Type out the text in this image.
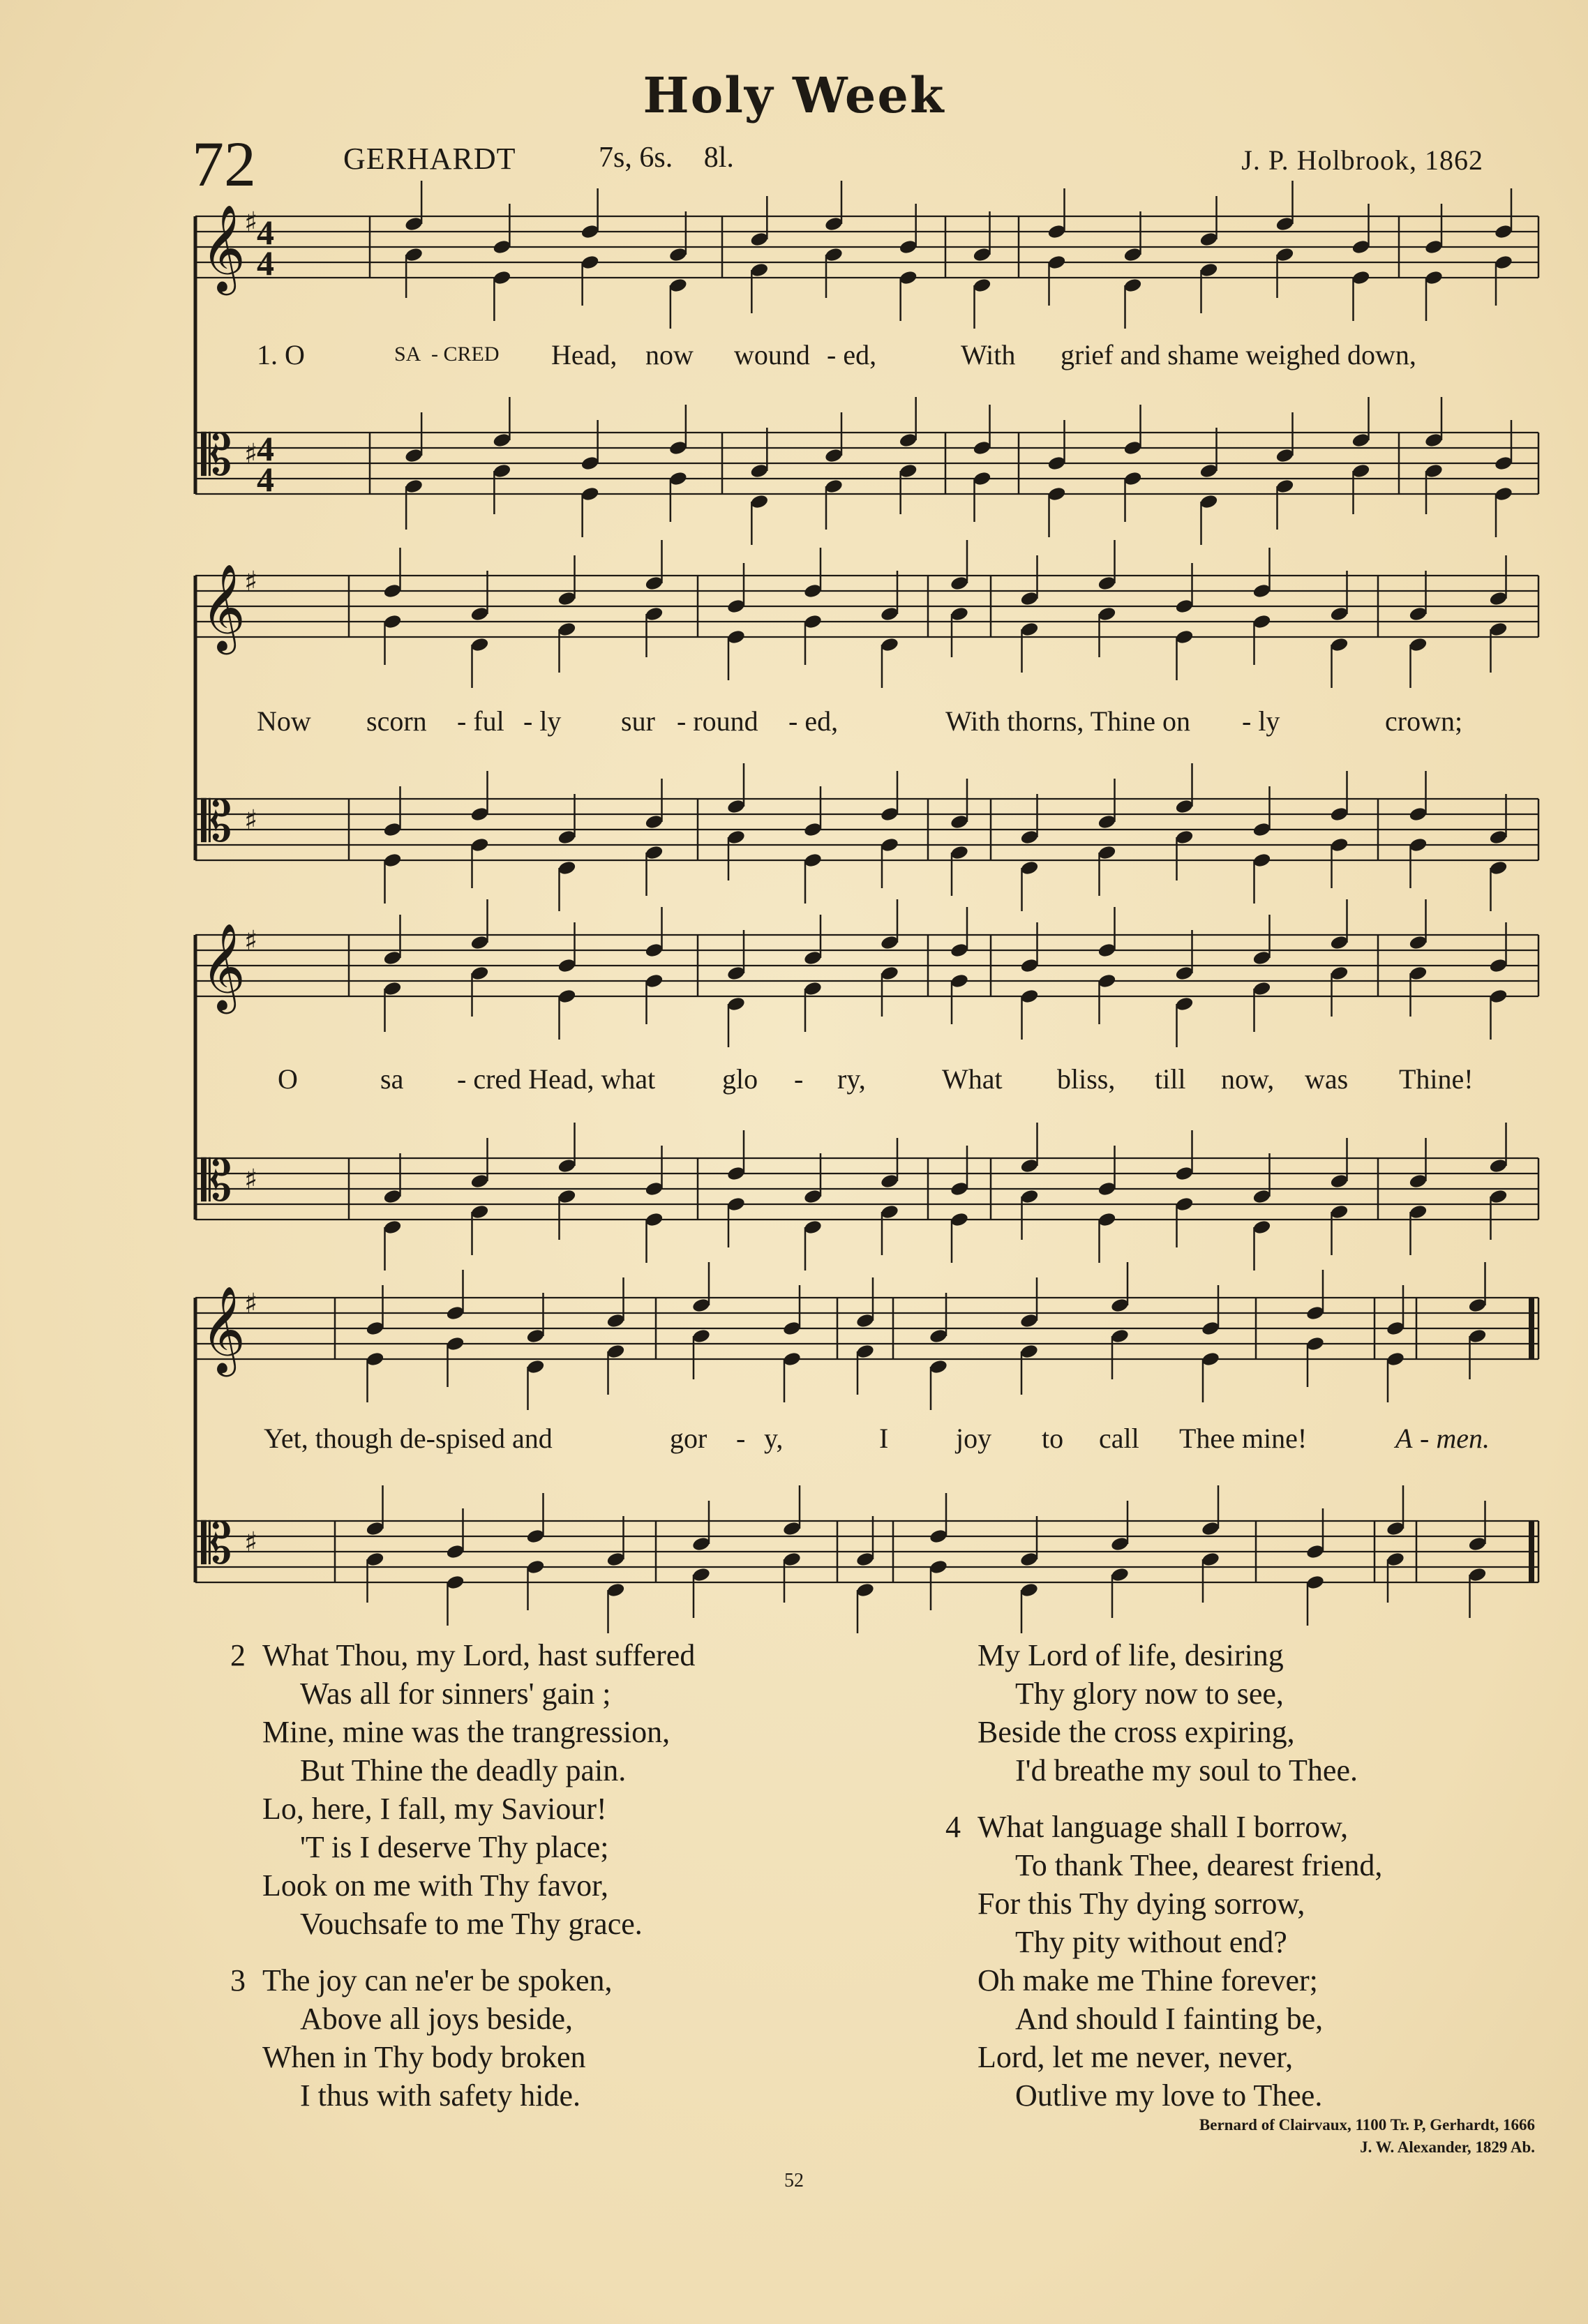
Holy Week
72	GERHARDT	7s, 6s. 8l.	J. P. Holbrook, 1862
𝄞
♯
4
4
𝄡 ♯
4
4
1. O	SA - CRED Head, now wound - ed,	With grief and shame weighed down,
𝄞
♯
𝄡 ♯
Now scorn - ful - ly sur - round - ed,	With thorns, Thine on - ly	crown;
𝄞
♯
𝄡 ♯
O	sa - cred Head, what glo - ry,	What bliss, till now, was Thine!
𝄞
♯
𝄡 ♯
Yet, though de-spised and	gor - y,	I joy to call Thee mine!	A - men.
2 What Thou, my Lord, hast suffered
Was all for sinners' gain ;
Mine, mine was the trangression,
But Thine the deadly pain.
Lo, here, I fall, my Saviour!
'T is I deserve Thy place;
Look on me with Thy favor,
Vouchsafe to me Thy grace.
3 The joy can ne'er be spoken,
Above all joys beside,
When in Thy body broken
I thus with safety hide.
My Lord of life, desiring
Thy glory now to see,
Beside the cross expiring,
I'd breathe my soul to Thee.
4 What language shall I borrow,
To thank Thee, dearest friend,
For this Thy dying sorrow,
Thy pity without end?
Oh make me Thine forever;
And should I fainting be,
Lord, let me never, never,
Outlive my love to Thee.
Bernard of Clairvaux, 1100 Tr. P, Gerhardt, 1666
J. W. Alexander, 1829 Ab.
52
